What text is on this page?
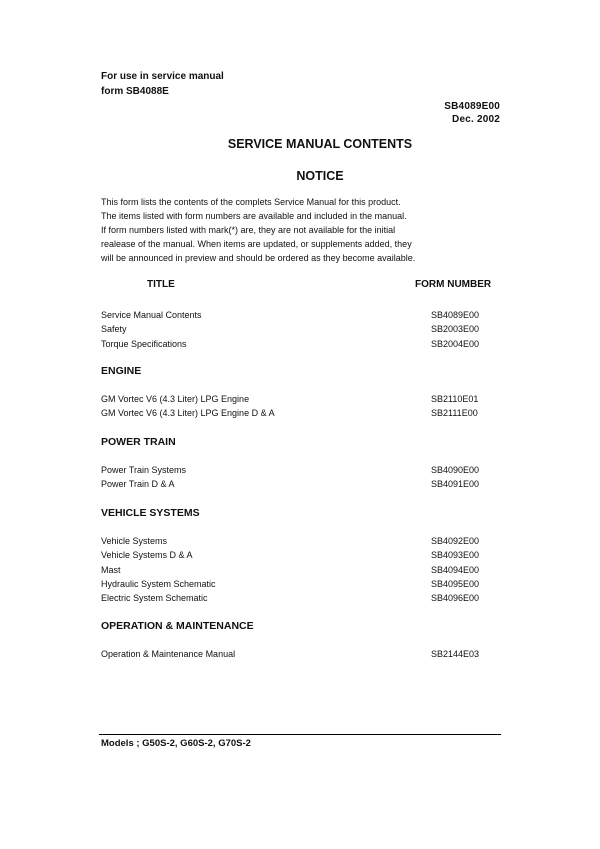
For use in service manual
form SB4088E
SB4089E00
Dec. 2002
SERVICE MANUAL CONTENTS
NOTICE
This form lists the contents of the complets Service Manual for this product.
The items listed with form numbers are available and included in the manual.
If form numbers listed with mark(*) are, they are not available for the initial
realease of the manual. When items are updated, or supplements added, they
will be announced in preview and should be ordered as they become available.
TITLE	FORM NUMBER
Service Manual Contents	SB4089E00
Safety	SB2003E00
Torque Specifications	SB2004E00
ENGINE
GM Vortec V6 (4.3 Liter) LPG Engine	SB2110E01
GM Vortec V6 (4.3 Liter) LPG Engine D & A	SB2111E00
POWER TRAIN
Power Train Systems	SB4090E00
Power Train D & A	SB4091E00
VEHICLE SYSTEMS
Vehicle Systems	SB4092E00
Vehicle Systems D & A	SB4093E00
Mast	SB4094E00
Hydraulic System Schematic	SB4095E00
Electric System Schematic	SB4096E00
OPERATION & MAINTENANCE
Operation & Maintenance Manual	SB2144E03
Models ; G50S-2, G60S-2, G70S-2
